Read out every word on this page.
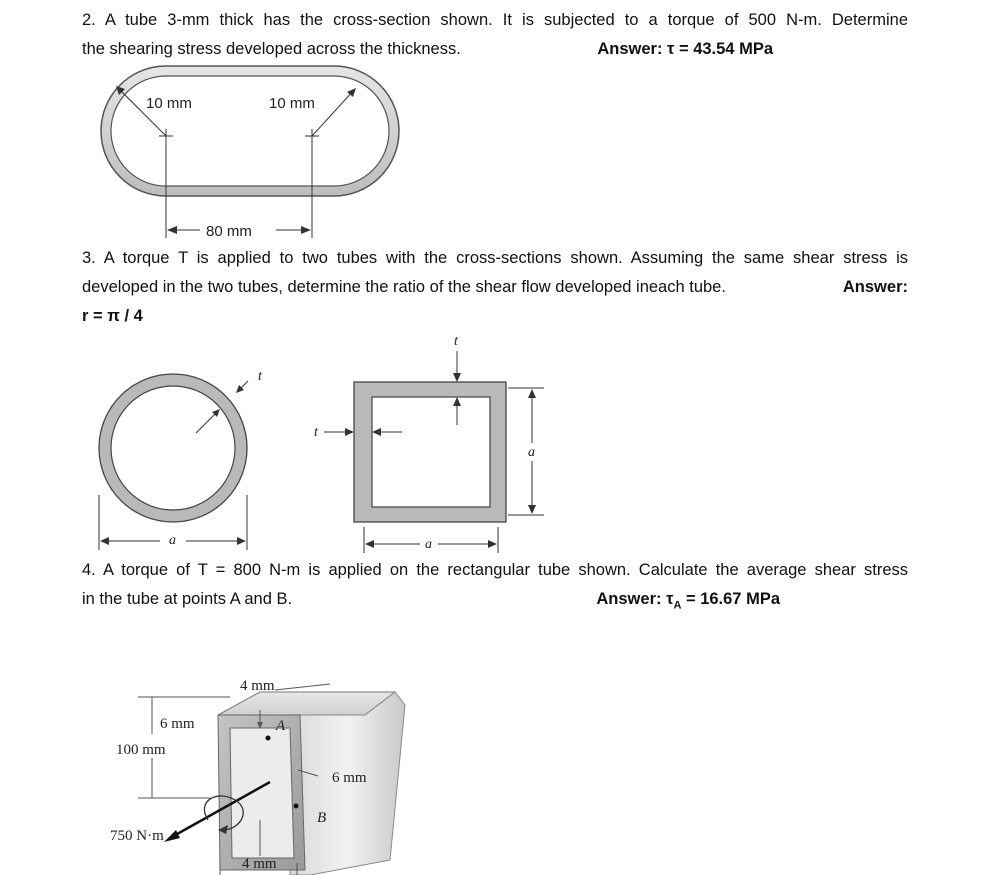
2. A tube 3-mm thick has the cross-section shown. It is subjected to a torque of 500 N-m. Determine
the shearing stress developed across the thickness.	Answer: τ = 43.54 MPa
10 mm	10 mm
80 mm
3. A torque T is applied to two tubes with the cross-sections shown. Assuming the same shear stress is
developed in the two tubes, determine the ratio of the shear flow developed ineach tube.	Answer:
r = π / 4
t
a
t
t
a
a
4. A torque of T = 800 N-m is applied on the rectangular tube shown. Calculate the average shear stress
in the tube at points A and B.	Answer: $\tau_A = 16.67$ MPa
4 mm
6 mm
100 mm
6 mm
A
B
750 N·m
4 mm
